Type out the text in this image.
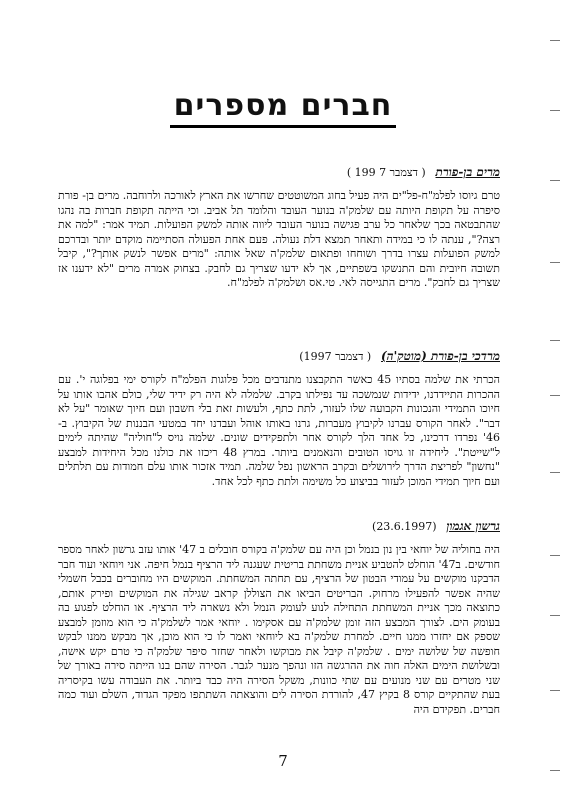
חברים מספרים
מרים בן-פורת ( דצמבר 7 199 )
טרם גיוסו לפלמ"ח-פל"ים היה פעיל בחוג המשוטטים שחרשו את הארץ לאורכה ולרוחבה. מרים בן- פורת סיפרה על תקופת היותה עם שלמק'ה בנוער העובד והלומד תל אביב. וכי הייתה תקופת חברות בה נהגו שהתבטאה בכך שלאחר כל ערב פגישה בנוער העובד ליווה אותה למשק הפועלות. תמיד אמר: "למה את רצה?", ענתה לו כי במידה ותאחר תמצא דלת נעולה. פעם אחת הפעולה הסתיימה מוקדם יותר ובדרכם למשק הפועלות עצרו בדרך ושוחחו ופתאום שלמק'ה שאל אותה: "מרים אפשר לנשק אותך?", קיבל תשובה חיובית והם התנשקו בשפתיים, אך לא ידעו שצריך גם לחבק. בצחוק אמרה מרים "לא ידענו אז שצריך גם לחבק". מרים התגייסה לאי. טי.אס ושלמק'ה לפלמ"ח.
מרדכי בן-פורת (מוטק'ה) ( דצמבר 1997)
הכרתי את שלמה בסתיו 45 כאשר התקבצנו מתנדבים מכל פלוגות הפלמ"ח לקורס ימי בפלוגה י'. עם ההכרות התיידדנו, ידידות שנמשכה עד נפילתו בקרב. שלמלה לא היה רק ידיד שלי, כולם אהבו אותו על חיוכו התמידי והנכונות הקבועה שלו לעזור, לתת כתף, ולעשות זאת בלי חשבון ועם חיוך שאומר "על לא דבר". לאחר הקורס עברנו לקיבוץ מעברות, גרנו באותו אוהל ועבדנו יחד במטעי הבננות של הקיבוץ. ב- 46' נפרדו דרכינו, כל אחד הלך לקורס אחר ולתפקידים שונים. שלמה גויס ל"חוליה" שהיתה לימים ל"שייטת". ליחידה זו גויסו הטובים והנאמנים ביותר. במרץ 48 ריכזו את כולנו מכל היחידות למבצע "נחשון" לפריצת הדרך לירושלים ובקרב הראשון נפל שלמה. תמיד אזכור אותו עלם חמודות עם תלתלים ועם חיוך תמידי המוכן לעזור בביצוע כל משימה ולתת כתף לכל אחד.
גרשון אגמון (23.6.1997)
היה בחוליה של יוחאי בין נון בנמל וכן היה עם שלמק'ה בקורס חובלים ב 47' אותו עזב גרשון לאחר מספר חודשים. ב47' הוחלט להטביע אניית משחתת בריטית שעגנה ליד הרציף בנמל חיפה. אני ויוחאי ועוד חבר הדבקנו מוקשים על עמודי הבטון של הרציף, עם תחתה המשחתת. המוקשים היו מחוברים בכבל חשמלי שהיה אפשר להפעילו מרחוק. הבריטים הביאו את הצוללן קראב שגילה את המוקשים ופירק אותם, כתוצאה מכך אניית המשחתת התחילה לנוע לעומק הנמל ולא נשארה ליד הרציף. או הוחלט לפגוע בה בעומק הים. לצורך המבצע הזה זומן שלמק'ה עם אסקימו . יוחאי אמר לשלמק'ה כי הוא מוזמן למבצע שספק אם יחזרו ממנו חיים. למחרת שלמק'ה בא ליוחאי ואמר לו כי הוא מוכן, אך מבקש ממנו לבקש חופשה של שלושה ימים . שלמק'ה קיבל את מבוקשו ולאחר שחזר סיפר שלמק'ה כי טרם יקש אישה, ובשלושת הימים האלה חוה את ההרגשה הזו ונהפך מנער לגבר. הסירה שהם בנו הייתה סירה באורך של שני מטרים עם שני מנועים עם שתי כוונות, משקל הסירה היה כבד ביותר. את העבודה עשו בקיסריה בעת שהתקיים קורס 8 בקיץ 47, להורדת הסירה לים והוצאתה השתתפו מפקד הגדוד, השלם ועוד כמה חברים. תפקידם היה
7
